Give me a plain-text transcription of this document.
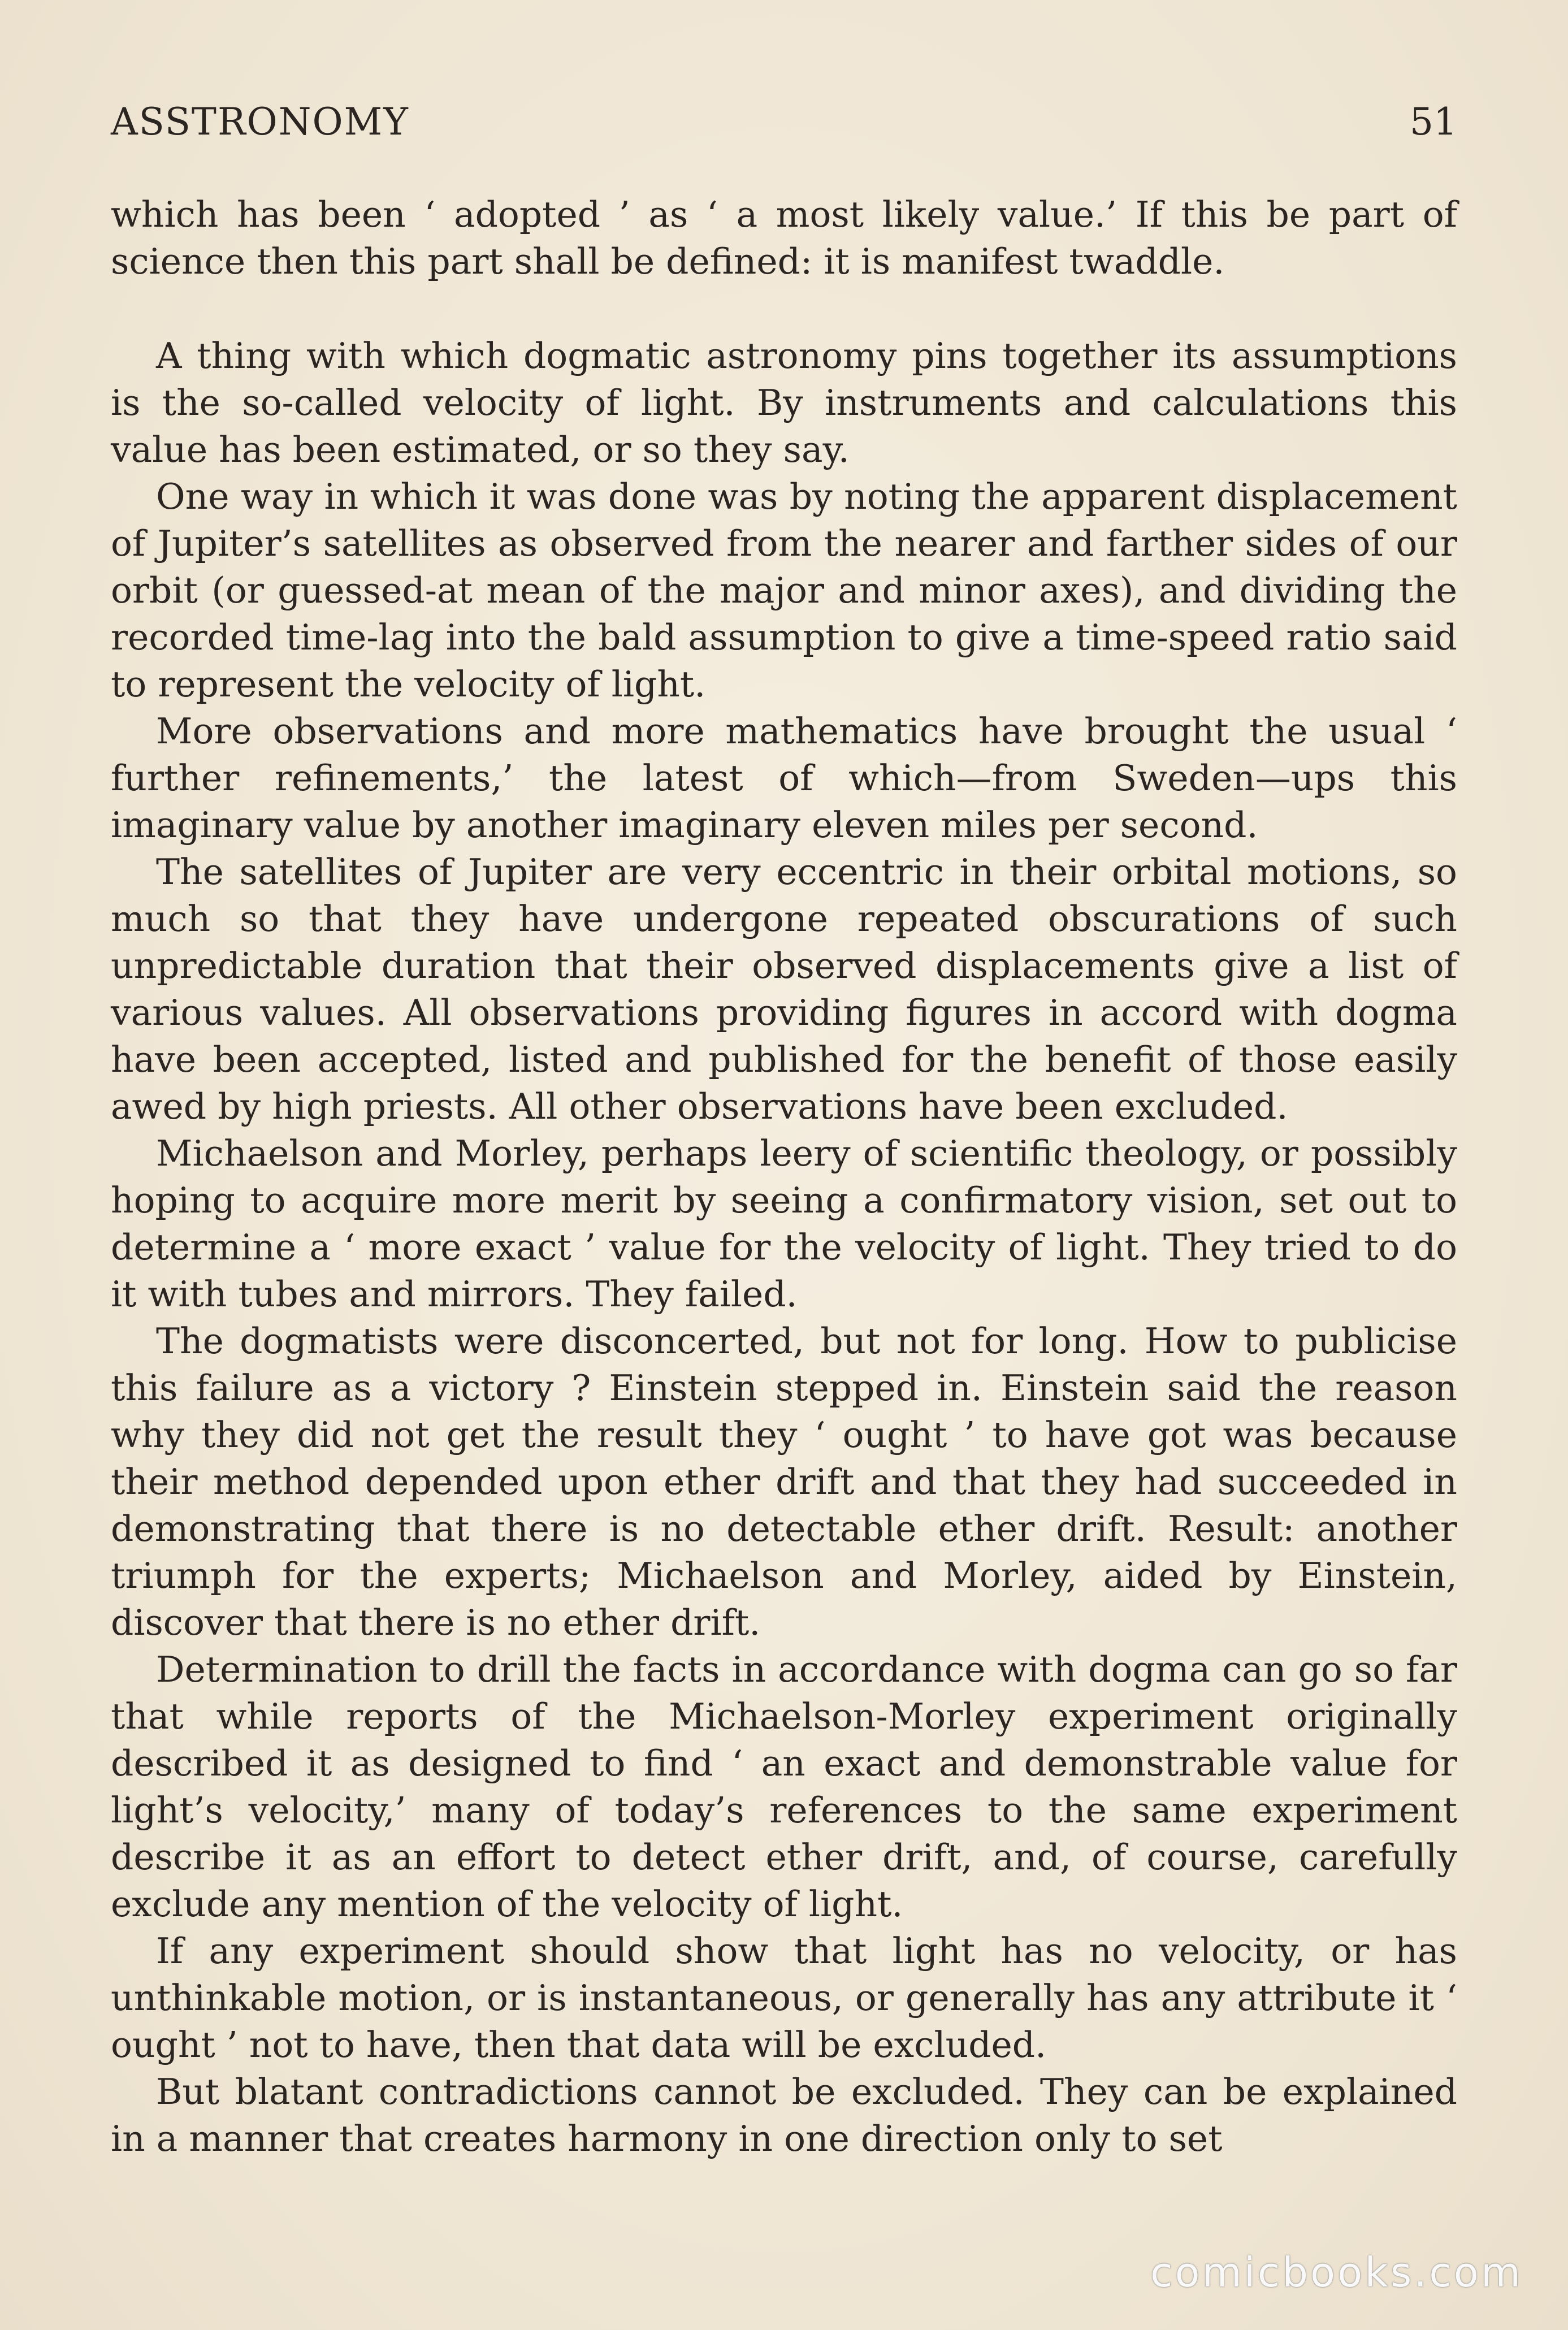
ASSTRONOMY	51

which has been ‘ adopted ’ as ‘ a most likely value.’ If this be part of science then this part shall be defined: it is manifest twaddle.

A thing with which dogmatic astronomy pins together its assumptions is the so-called velocity of light. By instruments and calculations this value has been estimated, or so they say.

One way in which it was done was by noting the apparent displacement of Jupiter’s satellites as observed from the nearer and farther sides of our orbit (or guessed-at mean of the major and minor axes), and dividing the recorded time-lag into the bald assumption to give a time-speed ratio said to represent the velocity of light.

More observations and more mathematics have brought the usual ‘ further refinements,’ the latest of which—from Sweden—ups this imaginary value by another imaginary eleven miles per second.

The satellites of Jupiter are very eccentric in their orbital motions, so much so that they have undergone repeated obscurations of such unpredictable duration that their observed displacements give a list of various values. All observations providing figures in accord with dogma have been accepted, listed and published for the benefit of those easily awed by high priests. All other observations have been excluded.

Michaelson and Morley, perhaps leery of scientific theology, or possibly hoping to acquire more merit by seeing a confirmatory vision, set out to determine a ‘ more exact ’ value for the velocity of light. They tried to do it with tubes and mirrors. They failed.

The dogmatists were disconcerted, but not for long. How to publicise this failure as a victory ? Einstein stepped in. Einstein said the reason why they did not get the result they ‘ ought ’ to have got was because their method depended upon ether drift and that they had succeeded in demonstrating that there is no detectable ether drift. Result: another triumph for the experts; Michaelson and Morley, aided by Einstein, discover that there is no ether drift.

Determination to drill the facts in accordance with dogma can go so far that while reports of the Michaelson-Morley experiment originally described it as designed to find ‘ an exact and demonstrable value for light’s velocity,’ many of today’s references to the same experiment describe it as an effort to detect ether drift, and, of course, carefully exclude any mention of the velocity of light.

If any experiment should show that light has no velocity, or has unthinkable motion, or is instantaneous, or generally has any attribute it ‘ ought ’ not to have, then that data will be excluded.

But blatant contradictions cannot be excluded. They can be explained in a manner that creates harmony in one direction only to set

comicbooks.com
